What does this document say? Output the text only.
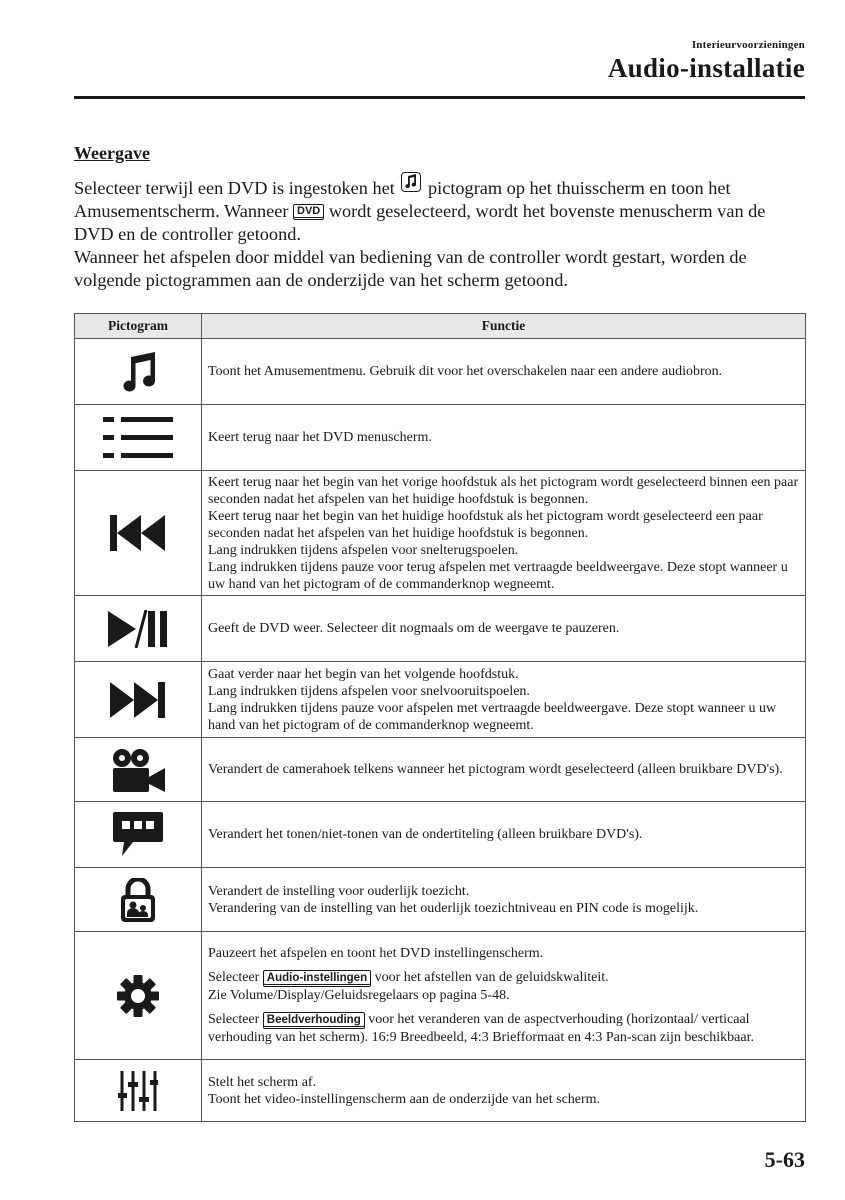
Interieurvoorzieningen
Audio-installatie
Weergave

Selecteer terwijl een DVD is ingestoken het pictogram op het thuisscherm en toon het Amusementscherm. Wanneer DVD wordt geselecteerd, wordt het bovenste menuscherm van de DVD en de controller getoond.

Wanneer het afspelen door middel van bediening van de controller wordt gestart, worden de volgende pictogrammen aan de onderzijde van het scherm getoond.

Pictogram	Functie

Toont het Amusementmenu. Gebruik dit voor het overschakelen naar een andere audiobron.

Keert terug naar het DVD menuscherm.

Keert terug naar het begin van het vorige hoofdstuk als het pictogram wordt geselecteerd binnen een paar seconden nadat het afspelen van het huidige hoofdstuk is begonnen.
Keert terug naar het begin van het huidige hoofdstuk als het pictogram wordt geselecteerd een paar seconden nadat het afspelen van het huidige hoofdstuk is begonnen.
Lang indrukken tijdens afspelen voor snelterugspoelen.
Lang indrukken tijdens pauze voor terug afspelen met vertraagde beeldweergave. Deze stopt wanneer u uw hand van het pictogram of de commanderknop wegneemt.

Geeft de DVD weer. Selecteer dit nogmaals om de weergave te pauzeren.

Gaat verder naar het begin van het volgende hoofdstuk.
Lang indrukken tijdens afspelen voor snelvooruitspoelen.
Lang indrukken tijdens pauze voor afspelen met vertraagde beeldweergave. Deze stopt wanneer u uw hand van het pictogram of de commanderknop wegneemt.

Verandert de camerahoek telkens wanneer het pictogram wordt geselecteerd (alleen bruikbare DVD's).

Verandert het tonen/niet-tonen van de ondertiteling (alleen bruikbare DVD's).

Verandert de instelling voor ouderlijk toezicht.
Verandering van de instelling van het ouderlijk toezichtniveau en PIN code is mogelijk.

Pauzeert het afspelen en toont het DVD instellingenscherm.
Selecteer Audio-instellingen voor het afstellen van de geluidskwaliteit.
Zie Volume/Display/Geluidsregelaars op pagina 5-48.
Selecteer Beeldverhouding voor het veranderen van de aspectverhouding (horizontaal/ verticaal verhouding van het scherm). 16:9 Breedbeeld, 4:3 Briefformaat en 4:3 Pan-scan zijn beschikbaar.

Stelt het scherm af.
Toont het video-instellingenscherm aan de onderzijde van het scherm.
5-63
